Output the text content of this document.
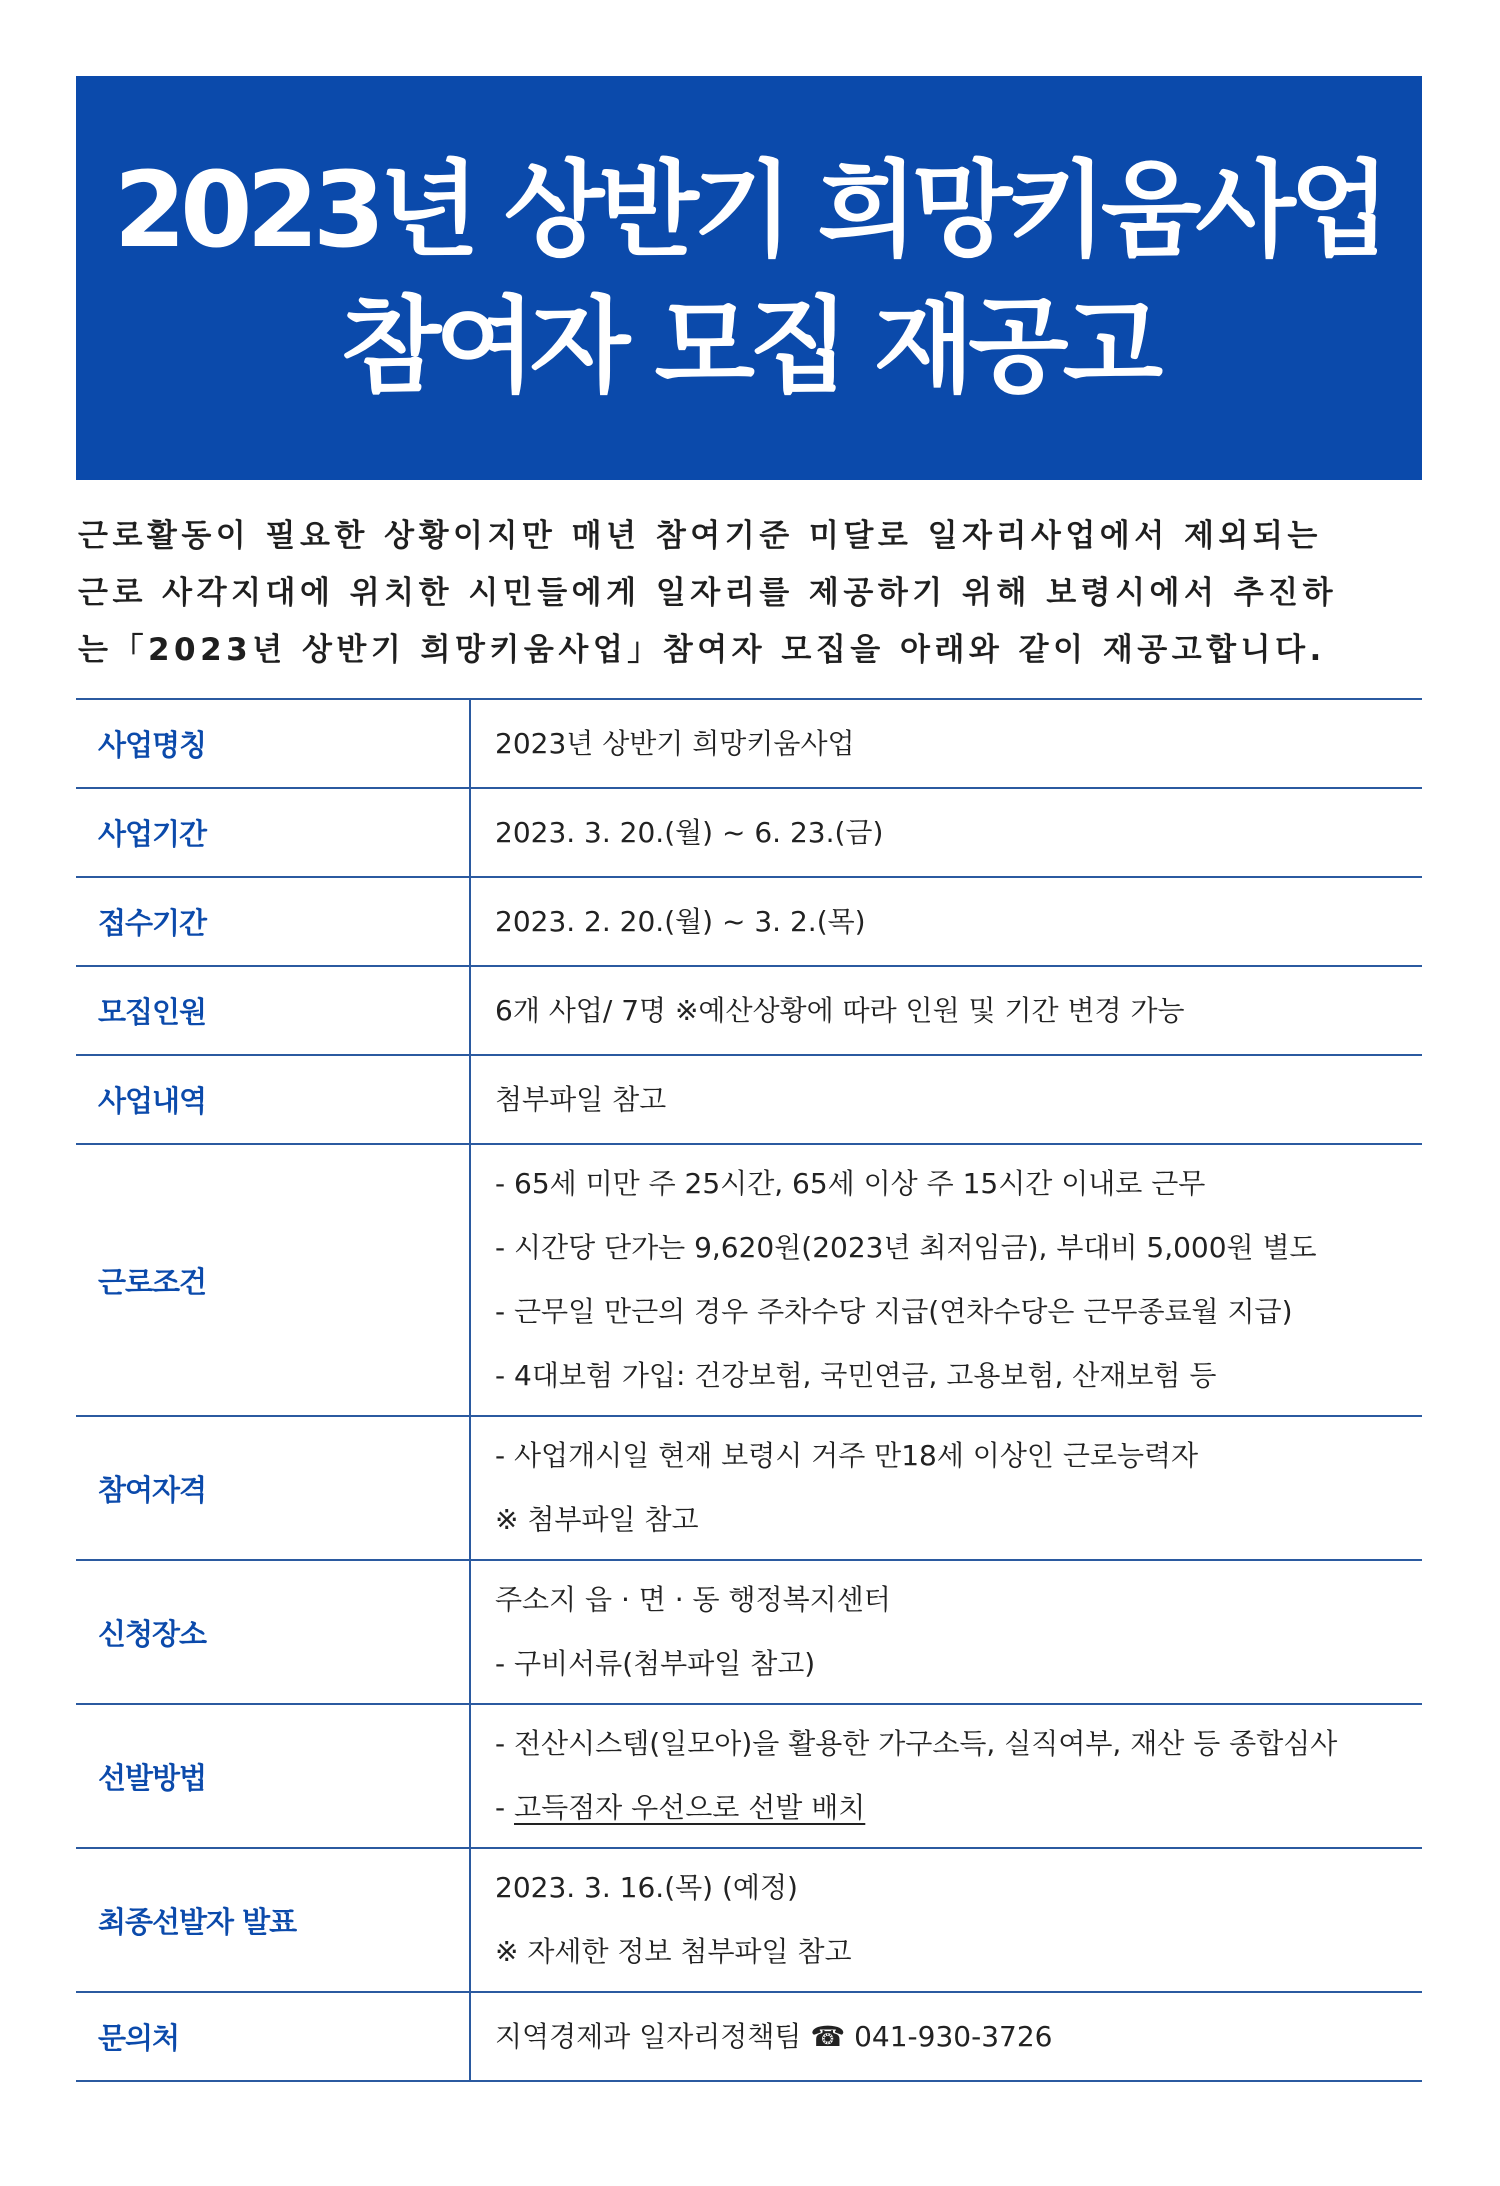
2023년 상반기 희망키움사업
참여자 모집 재공고
근로활동이 필요한 상황이지만 매년 참여기준 미달로 일자리사업에서 제외되는
근로 사각지대에 위치한 시민들에게 일자리를 제공하기 위해 보령시에서 추진하
는「2023년 상반기 희망키움사업」참여자 모집을 아래와 같이 재공고합니다.
사업명칭	2023년 상반기 희망키움사업

사업기간	2023. 3. 20.(월) ~ 6. 23.(금)

접수기간	2023. 2. 20.(월) ~ 3. 2.(목)

모집인원	6개 사업/ 7명 ※예산상황에 따라 인원 및 기간 변경 가능

사업내역	첨부파일 참고

근로조건	- 65세 미만 주 25시간, 65세 이상 주 15시간 이내로 근무
- 시간당 단가는 9,620원(2023년 최저임금), 부대비 5,000원 별도
- 근무일 만근의 경우 주차수당 지급(연차수당은 근무종료월 지급)
- 4대보험 가입: 건강보험, 국민연금, 고용보험, 산재보험 등

참여자격	- 사업개시일 현재 보령시 거주 만18세 이상인 근로능력자
※ 첨부파일 참고

신청장소	주소지 읍 · 면 · 동 행정복지센터
- 구비서류(첨부파일 참고)

선발방법	- 전산시스템(일모아)을 활용한 가구소득, 실직여부, 재산 등 종합심사
- 고득점자 우선으로 선발 배치

최종선발자 발표	2023. 3. 16.(목) (예정)
※ 자세한 정보 첨부파일 참고

문의처	지역경제과 일자리정책팀 ☎ 041-930-3726
